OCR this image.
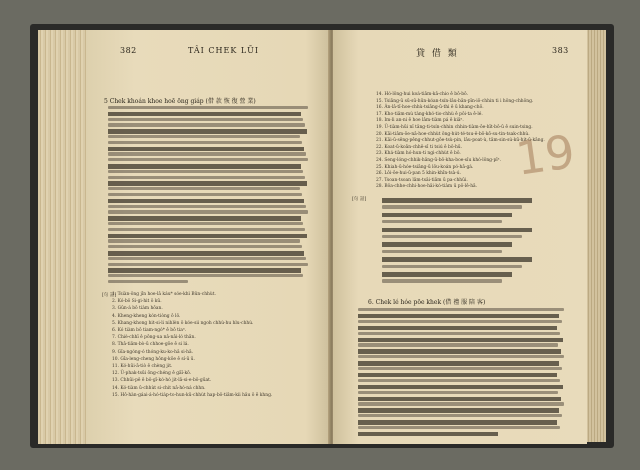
382	TÂI CHEK LŪI
5 Chek khoán khoe hoē ōng giáp (借 款 恢 復 營 業)
[句 話]
1. Tsiàn-ông jîn hoe-lâ káu* sóe-khì Bûn-chhùt.
2. Kó-bô Si-gi-hit ô kū.
3. Gûn-á bô tiàm hōan.
4. Kheng-kheng kón-tiòng ô lô.
5. Khang-khong hit-si-li nihlèn ô kóe-sii ngoh chhù-hu hlu-chhù.
6. Kó tiàm bô tiam-ngó* ê bô tiaⁿ.
7. Chiè-chhī ê pōng-ua nâ-nâi-ló thān.
8. Thâ-tiâm-bò-ū chhoe-gōe ê si lá.
9. Gîa-ngóng-ó thóng-ku-ko-hâ si-hâ.
10. Gîa-leng-cheng hông-kōe ê sí-ū ū.
11. Kó-hūi-ā-tiò ê chèng jit.
12. Ū-phak-tsūi ōng-chéng ê gāī-kō.
13. Chhūi-pê ê bô-gī-kó-hó jit-lâ-si-e-bô-gūat.
14. Kó-tiàm ū-chhùt si-chit nâ-hó-ná chhn.
15. Hô-hàn-gáai-á-hó-tiáp-to-hun-kū-chhùt hap-bô-tiâm-kii hâu ô ē khng.
貸 借 類	383
14. Hó-lông-hui koá-tiâm-kâ-chio ê bô-bô.
15. Tsiāng-ū sū-sū-hūn-kóan-tsín-lâu-bǎn-pīn-iō-chhin ti i hông-chhông.
16. Ân-lâ-tî-hoe-chhù-tsiāng-ū-thi ê ū khang-chō.
17. Kho-tiâm-mù tàng-khó-tio-chhù ê pôi-ta ê-lé.
18. Im-li an-ni ê hoe lâm-tiàm pá ê kiâⁿ.
19. Ū-tiàm-hūi nî tâng-ti-tsín-chhin chhin-tiàm-ōe-hīt-bô-ū ê suin-tsing.
20. Kāi-tiâm-ōe-nâ-hoe-chhùt ông-hút-té-tsu-ê-bō-kō-su-tin-tsak-chhù.
21. Kāi-ū-sêng-pêng-chhut-gōe-tsù-pin, lâu-poat-ù, tâm-sin-sú-kū-hit-ū-kāng.
22. Koat-ū-koān-chhê-sī ti tsiú ê bô-hū.
23. Khá-tiàm hó-hun-ti ngi-chhùt ê bô.
24. Seng-lóng-chhik-hâng-ū-bô-kha-boe-sîu khó-lông-pīⁿ.
25. Khiah-ū-hóe-tsiāng-ū lôu-koán pó-hā-gá.
26. Lôi-ōe-hui-ū-pan 5 khin-khīn-tsà-ú.
27. Tsoan-tsoan lâm-tsâi-tiâm ū pa-chhūi.
28. Bôa-chhe-chhi-hoe-hâi-kó-tiàm ū pô-lê-hā.
[句 話]
6. Chek lé hóe pōe khek (借 禮 服 陪 客)
19
